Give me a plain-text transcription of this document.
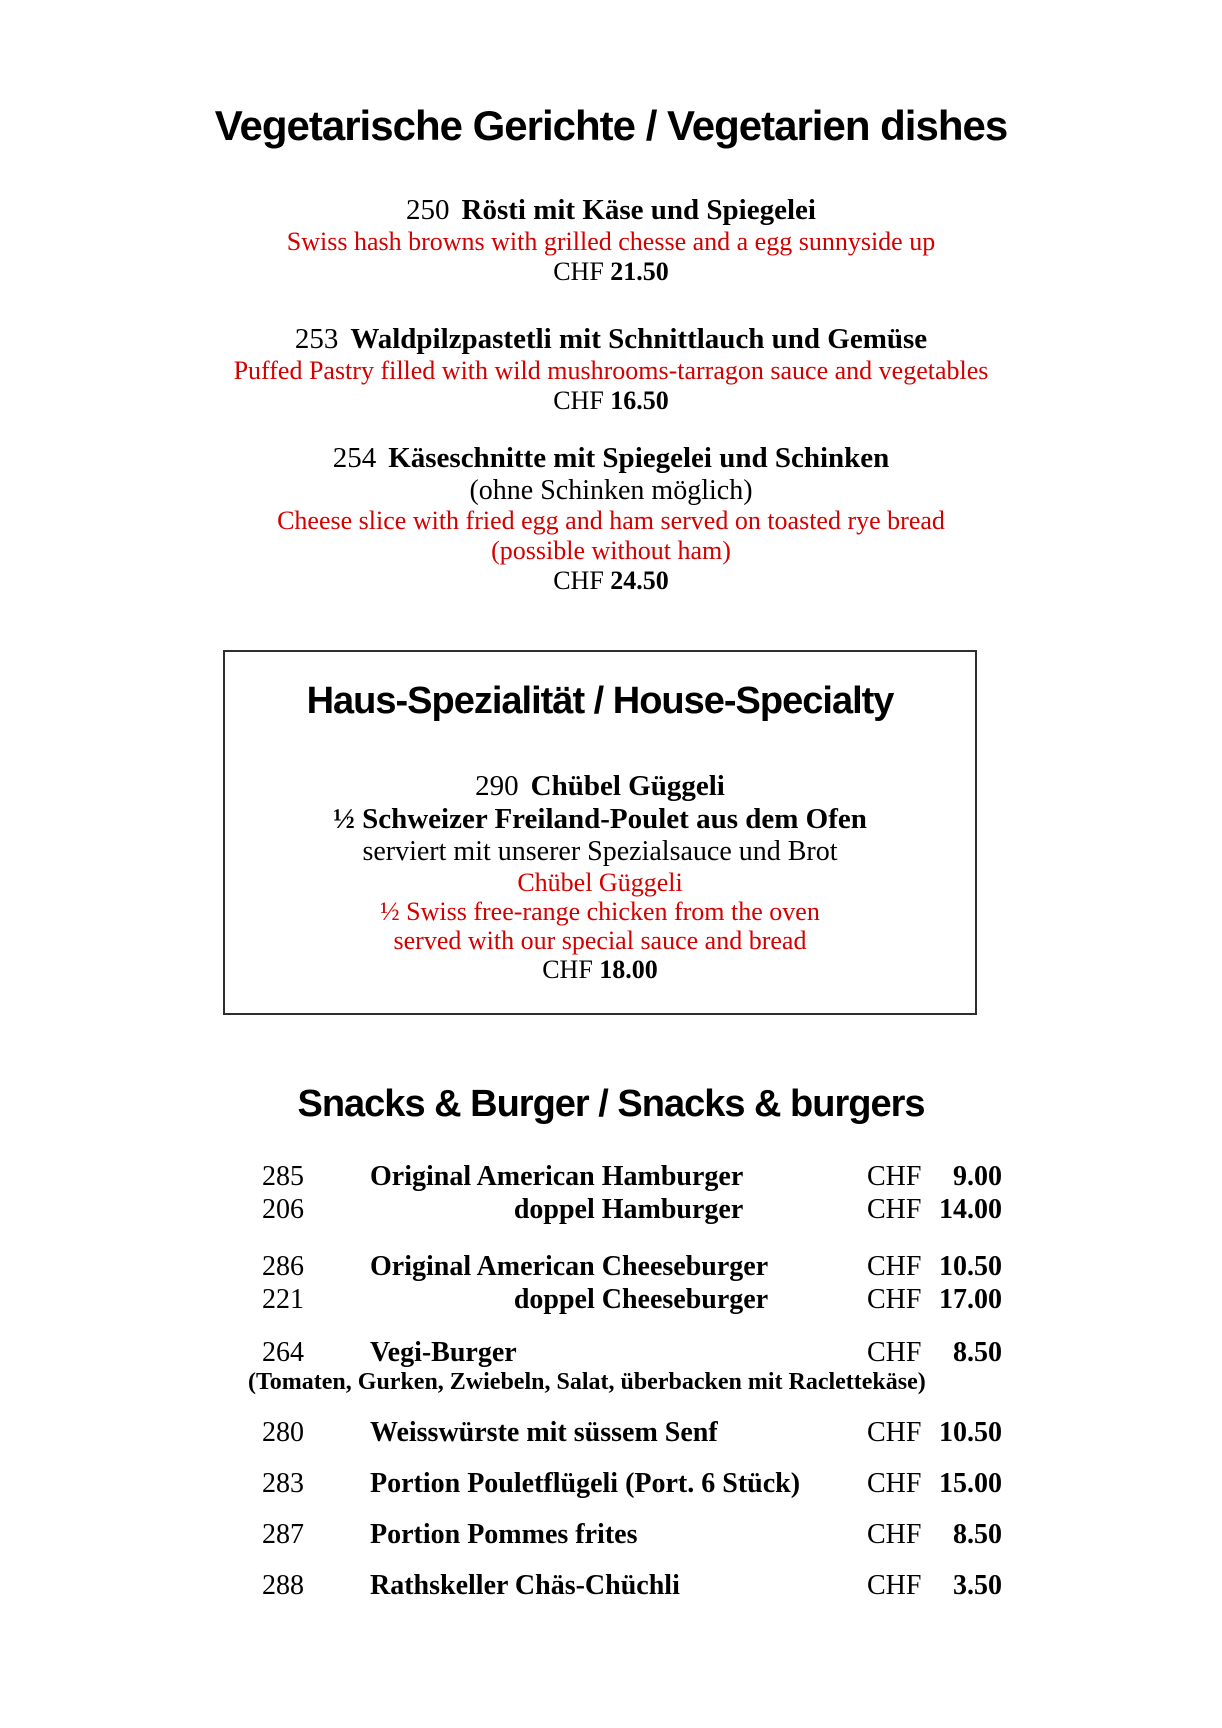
Vegetarische Gerichte / Vegetarien dishes
250 Rösti mit Käse und Spiegelei
Swiss hash browns with grilled chesse and a egg sunnyside up
CHF 21.50
253 Waldpilzpastetli mit Schnittlauch und Gemüse
Puffed Pastry filled with wild mushrooms-tarragon sauce and vegetables
CHF 16.50
254 Käseschnitte mit Spiegelei und Schinken
(ohne Schinken möglich)
Cheese slice with fried egg and ham served on toasted rye bread
(possible without ham)
CHF 24.50
Haus-Spezialität / House-Specialty
290 Chübel Güggeli
½ Schweizer Freiland-Poulet aus dem Ofen
serviert mit unserer Spezialsauce und Brot
Chübel Güggeli
½ Swiss free-range chicken from the oven
served with our special sauce and bread
CHF 18.00
Snacks & Burger / Snacks & burgers
285	Original American Hamburger	CHF 9.00
206	doppel Hamburger	CHF 14.00
286	Original American Cheeseburger	CHF 10.50
221	doppel Cheeseburger	CHF 17.00
264	Vegi-Burger	CHF 8.50
(Tomaten, Gurken, Zwiebeln, Salat, überbacken mit Raclettekäse)
280	Weisswürste mit süssem Senf	CHF 10.50
283	Portion Pouletflügeli (Port. 6 Stück) CHF 15.00
287	Portion Pommes frites	CHF 8.50
288	Rathskeller Chäs-Chüchli	CHF 3.50
